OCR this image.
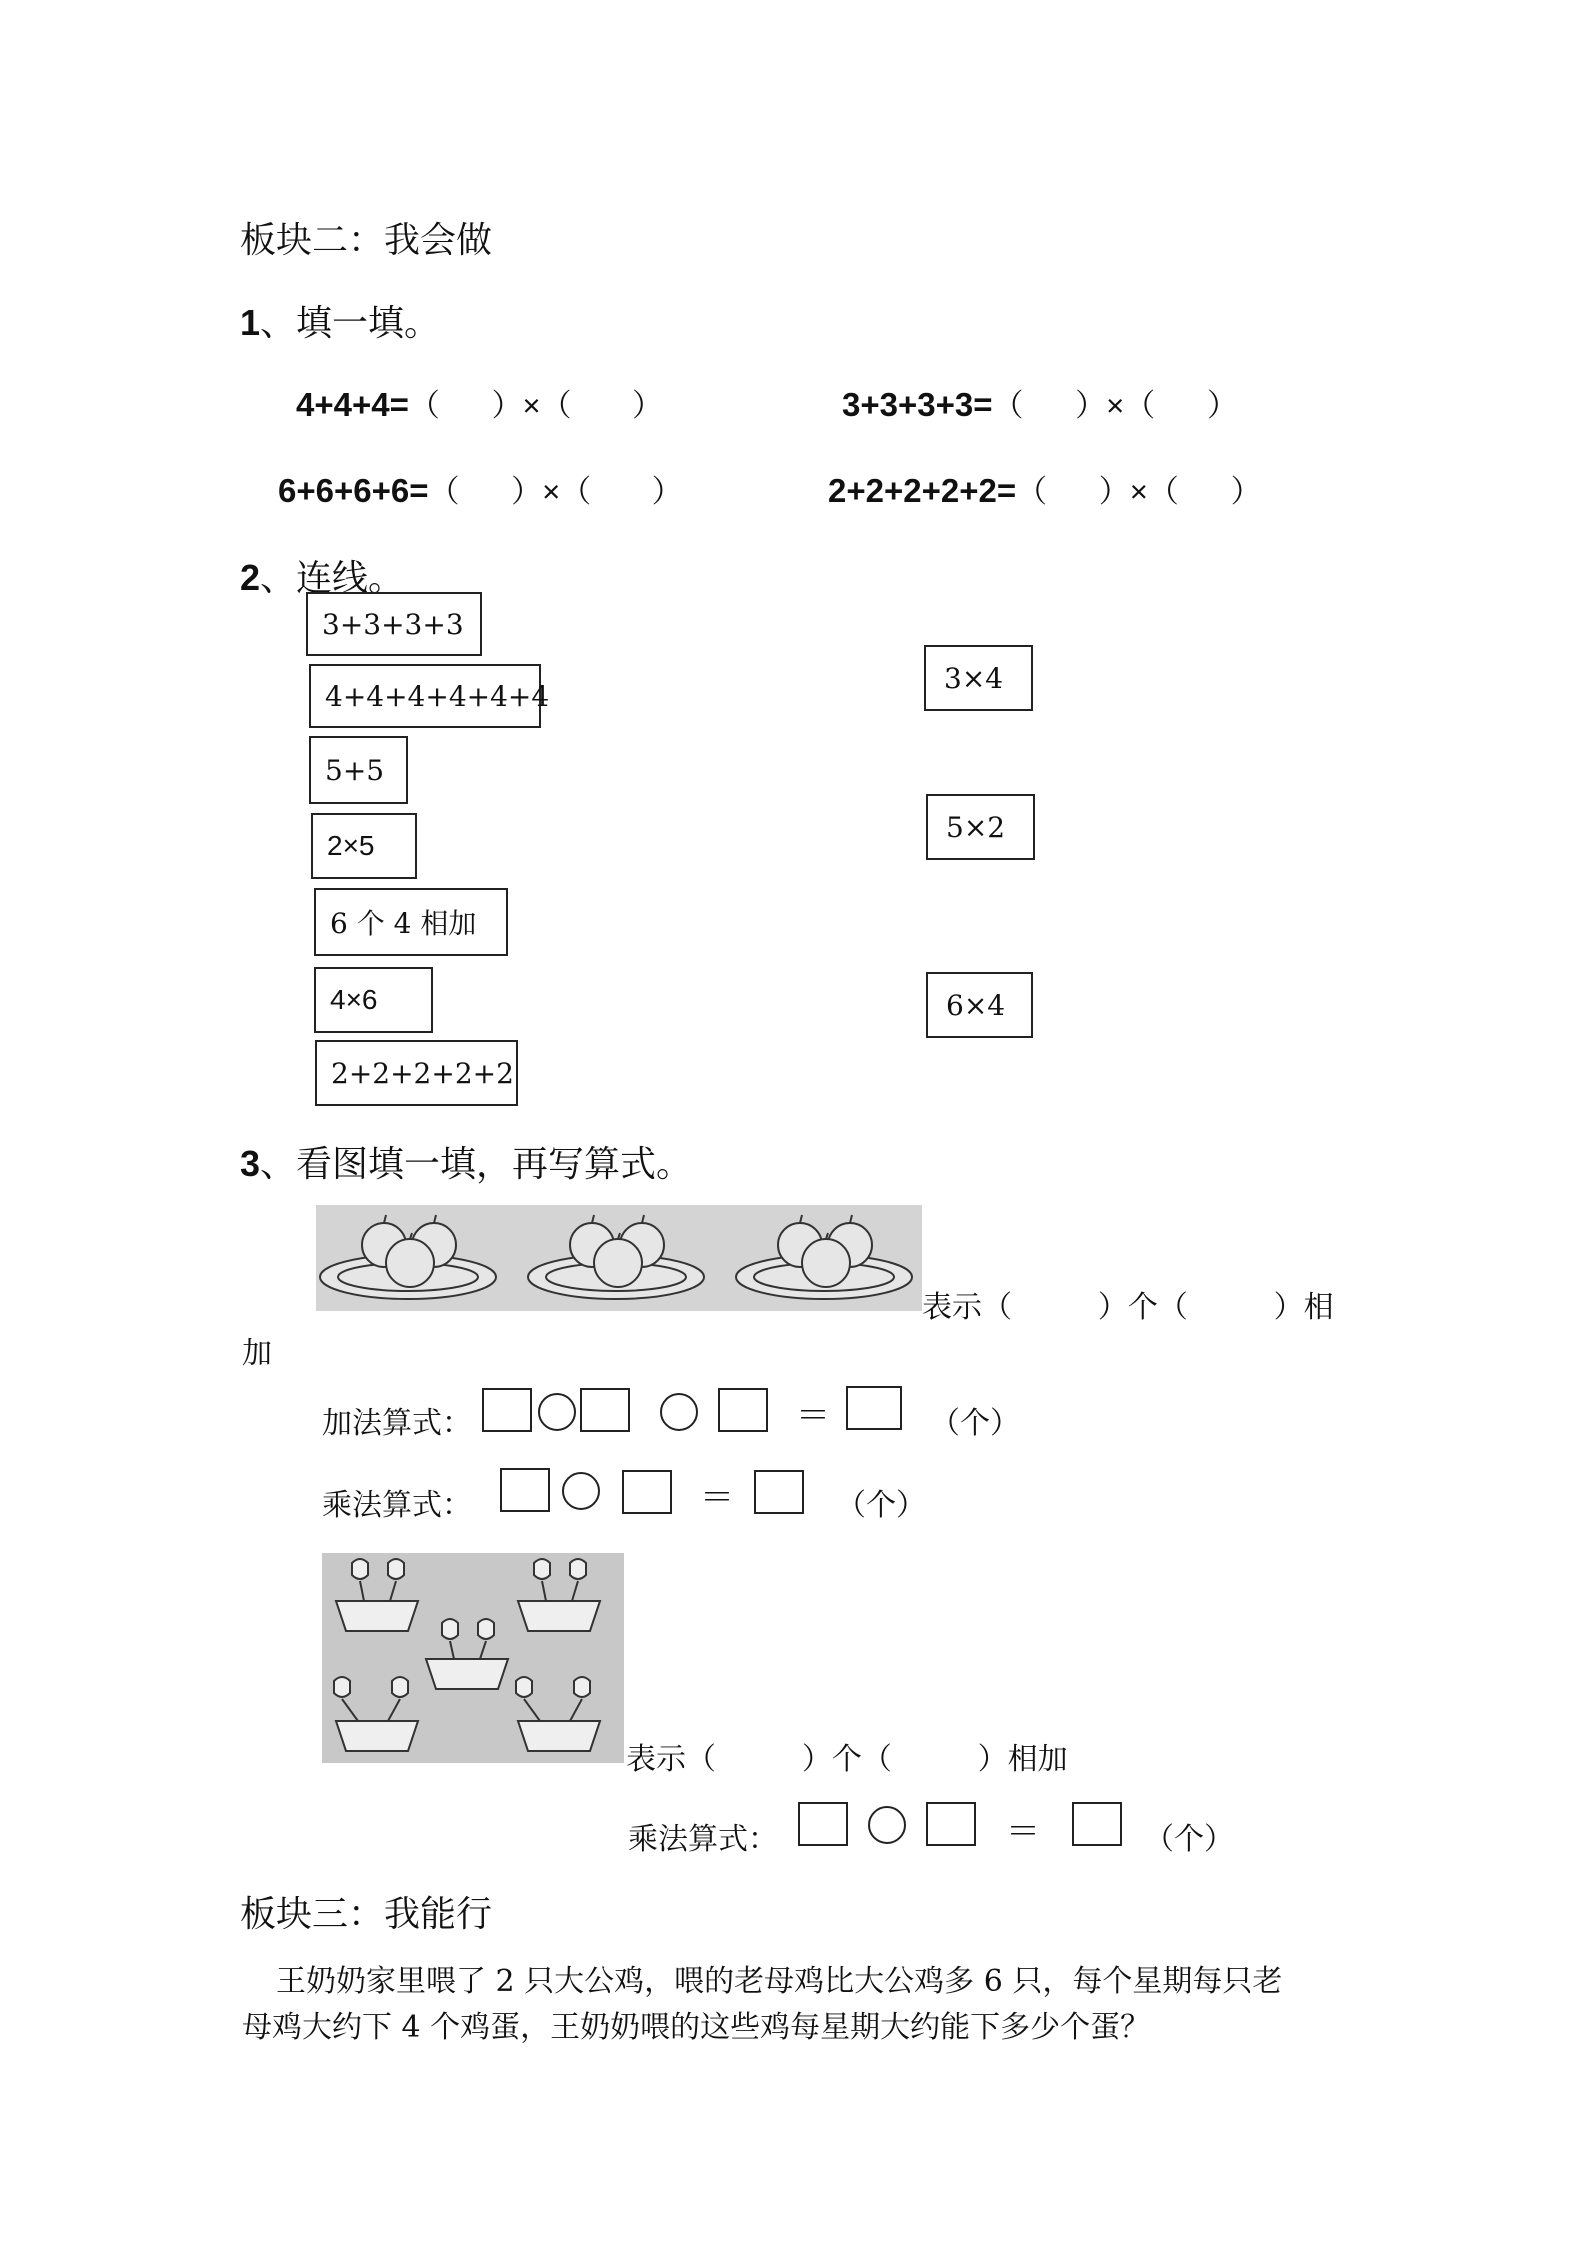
板块二：我会做
1、填一填。
4+4+4=（      ）×（       ）	3+3+3+3=（      ）×（      ）
6+6+6+6=（      ）×（       ）	2+2+2+2+2=（      ）×（      ）
2、连线。
3+3+3+3
4+4+4+4+4+4
5+5
2×5
6 个 4 相加
4×6
2+2+2+2+2
3×4
5×2
6×4
3、看图填一填，再写算式。
表示（         ）个（         ）相
加
加法算式：	＝	（个）
乘法算式：	＝	（个）
表示（         ）个（         ）相加
乘法算式：	＝	（个）
板块三：我能行
王奶奶家里喂了 2 只大公鸡，喂的老母鸡比大公鸡多 6 只，每个星期每只老
母鸡大约下 4 个鸡蛋，王奶奶喂的这些鸡每星期大约能下多少个蛋？
